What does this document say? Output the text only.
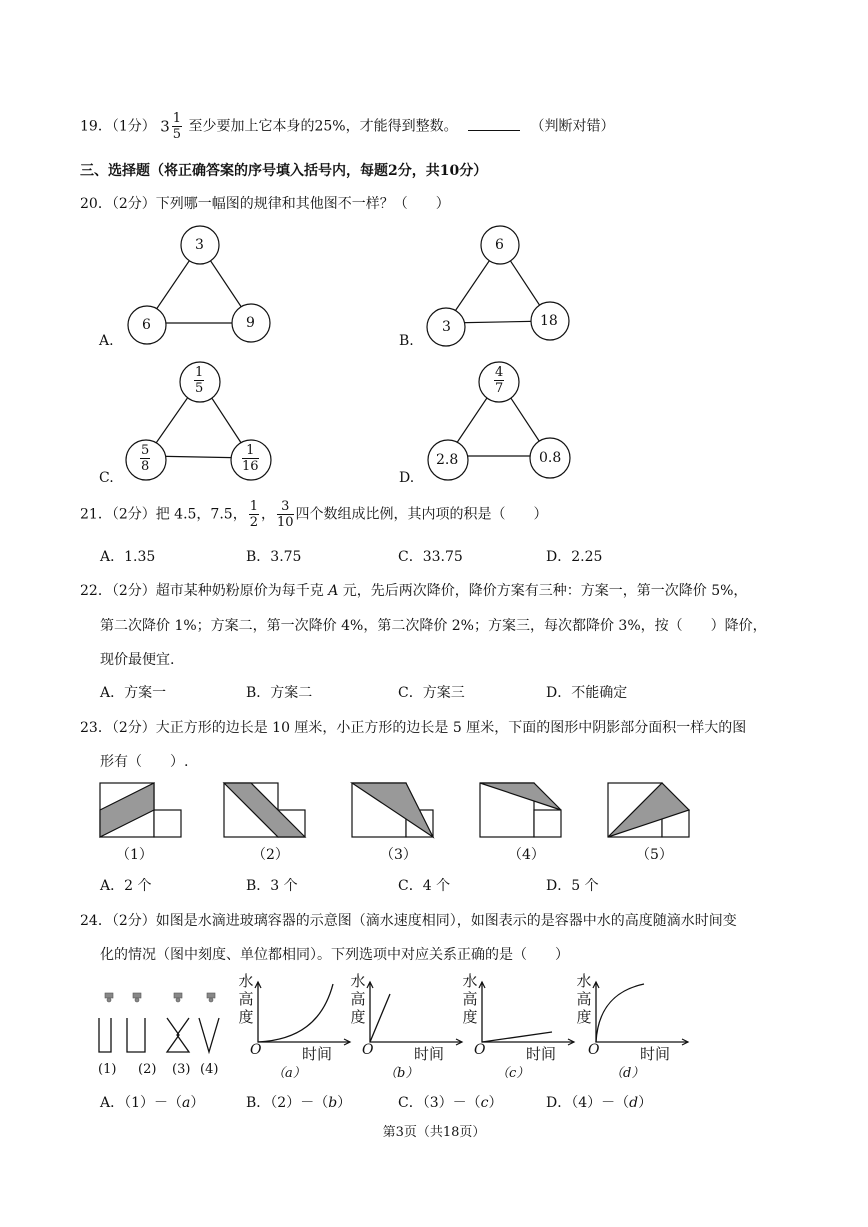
19．（1分） $3 \frac{1}{5}$ 至少要加上它本身的25%，才能得到整数。	（判断对错）
三、选择题（将正确答案的序号填入括号内，每题2分，共10分）
20．（2分）下列哪一幅图的规律和其他图不一样？（　　）
3
6	9
A.
6
3	18
B.
$\frac{1}{5}$
$\frac{5}{8}$	$\frac{1}{16}$
C.
$\frac{4}{7}$
2.8	0.8
D.
21．（2分）把 4.5，7.5， $\frac{1}{2}$ ， $\frac{3}{10}$ 四个数组成比例，其内项的积是（　　）
A．1.35	B．3.75	C．33.75	D．2.25
22．（2分）超市某种奶粉原价为每千克 A 元，先后两次降价，降价方案有三种：方案一，第一次降价 5%，
第二次降价 1%；方案二，第一次降价 4%，第二次降价 2%；方案三，每次都降价 3%，按（　　）降价，
现价最便宜.
A．方案一	B．方案二	C．方案三	D．不能确定
23．（2分）大正方形的边长是 10 厘米，小正方形的边长是 5 厘米，下面的图形中阴影部分面积一样大的图
形有（　　）.
（1）	（2）	（3）	（4）	（5）
A．2 个	B．3 个	C．4 个	D．5 个
24．（2分）如图是水滴进玻璃容器的示意图（滴水速度相同），如图表示的是容器中水的高度随滴水时间变
化的情况（图中刻度、单位都相同）。下列选项中对应关系正确的是（　　）
(1) (2) (3) (4)
水
高
度
O	时间
（a）
水
高
度
O	时间
（b）
水
高
度
O	时间
（c）
水
高
度
O	时间
（d）
A．（1）－（a）	B．（2）－（b）	C．（3）－（c）	D．（4）－（d）
第3页（共18页）
